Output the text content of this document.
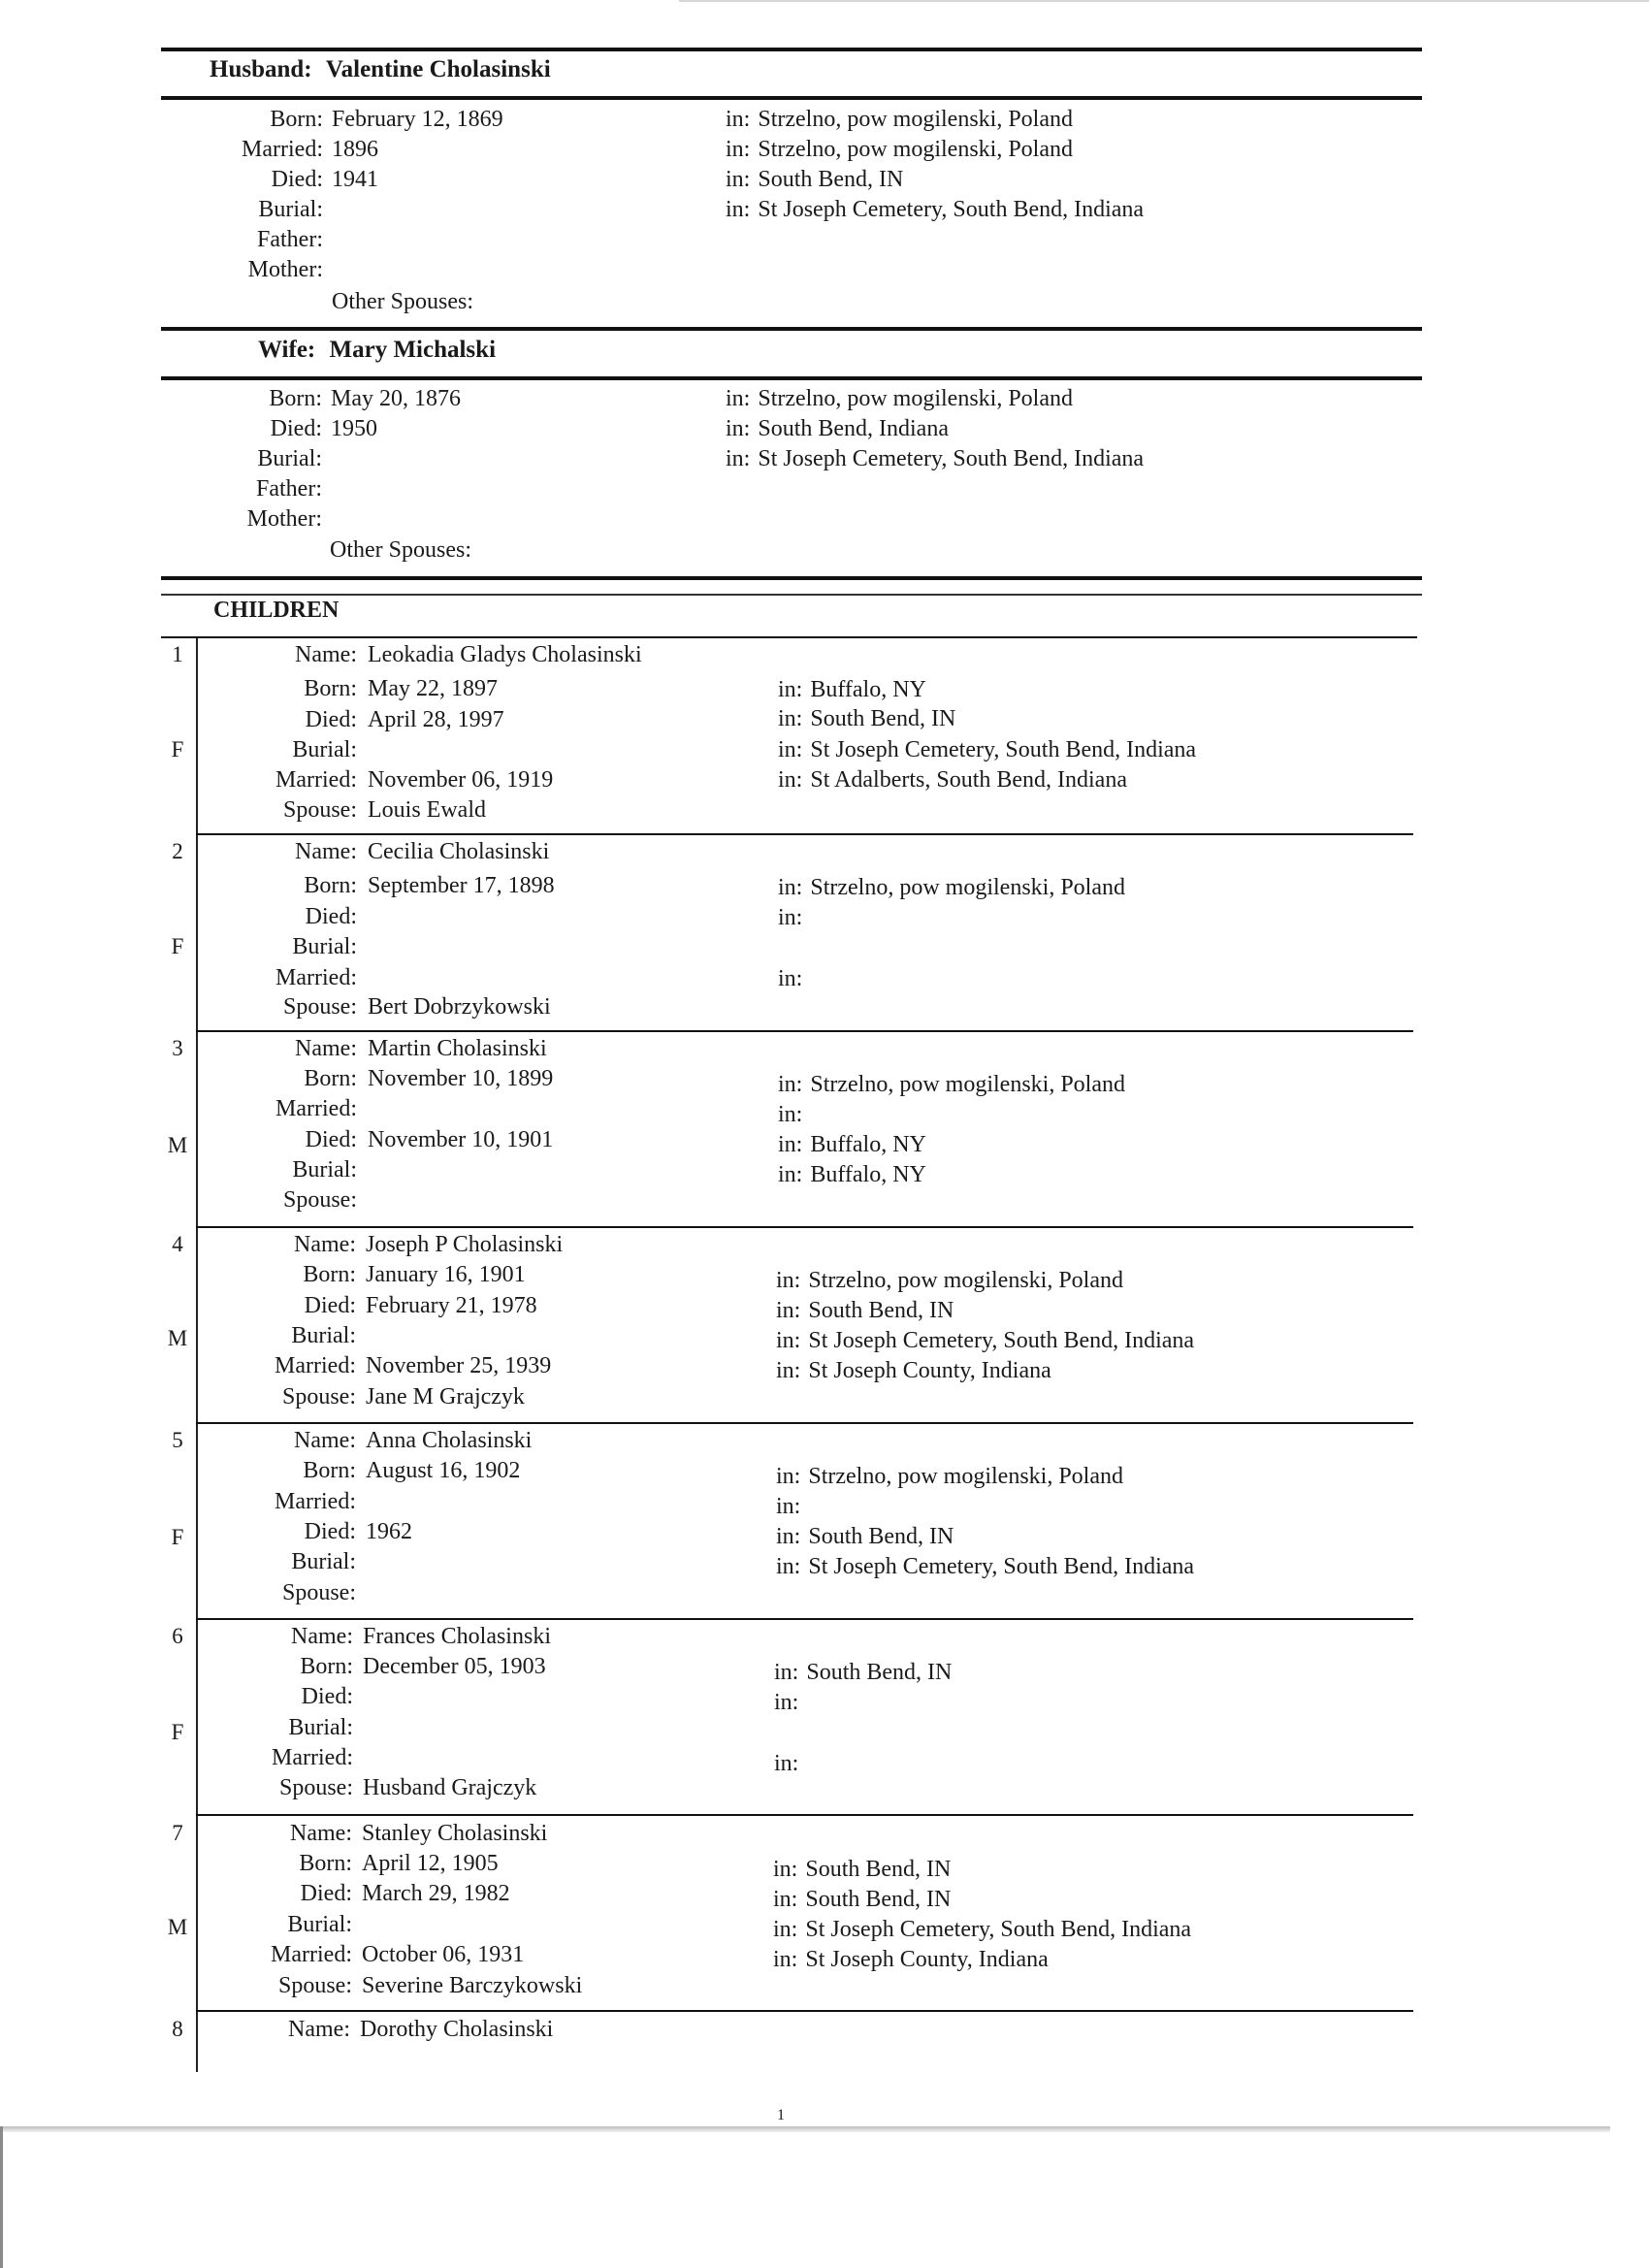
Husband: Valentine Cholasinski
Born: February 12, 1869	in: Strzelno, pow mogilenski, Poland
Married: 1896	in: Strzelno, pow mogilenski, Poland
Died: 1941	in: South Bend, IN
Burial:	in: St Joseph Cemetery, South Bend, Indiana
Father:
Mother:
Other Spouses:
Wife: Mary Michalski
Born: May 20, 1876	in: Strzelno, pow mogilenski, Poland
Died: 1950	in: South Bend, Indiana
Burial:	in: St Joseph Cemetery, South Bend, Indiana
Father:
Mother:
Other Spouses:
CHILDREN
1
F
Name: Leokadia Gladys Cholasinski
Born: May 22, 1897	in: Buffalo, NY
Died: April 28, 1997	in: South Bend, IN
Burial:	in: St Joseph Cemetery, South Bend, Indiana
Married: November 06, 1919	in: St Adalberts, South Bend, Indiana
Spouse: Louis Ewald
2
F
Name: Cecilia Cholasinski
Born: September 17, 1898	in: Strzelno, pow mogilenski, Poland
Died:	in:
Burial:
Married:	in:
Spouse: Bert Dobrzykowski
3
M
Name: Martin Cholasinski
Born: November 10, 1899	in: Strzelno, pow mogilenski, Poland
Married:	in:
Died: November 10, 1901	in: Buffalo, NY
Burial:	in: Buffalo, NY
Spouse:
4
M
Name: Joseph P Cholasinski
Born: January 16, 1901	in: Strzelno, pow mogilenski, Poland
Died: February 21, 1978	in: South Bend, IN
Burial:	in: St Joseph Cemetery, South Bend, Indiana
Married: November 25, 1939	in: St Joseph County, Indiana
Spouse: Jane M Grajczyk
5
F
Name: Anna Cholasinski
Born: August 16, 1902	in: Strzelno, pow mogilenski, Poland
Married:	in:
Died: 1962	in: South Bend, IN
Burial:	in: St Joseph Cemetery, South Bend, Indiana
Spouse:
6
F
Name: Frances Cholasinski
Born: December 05, 1903	in: South Bend, IN
Died:	in:
Burial:
Married:	in:
Spouse: Husband Grajczyk
7
M
Name: Stanley Cholasinski
Born: April 12, 1905	in: South Bend, IN
Died: March 29, 1982	in: South Bend, IN
Burial:	in: St Joseph Cemetery, South Bend, Indiana
Married: October 06, 1931	in: St Joseph County, Indiana
Spouse: Severine Barczykowski
8	Name: Dorothy Cholasinski
1
